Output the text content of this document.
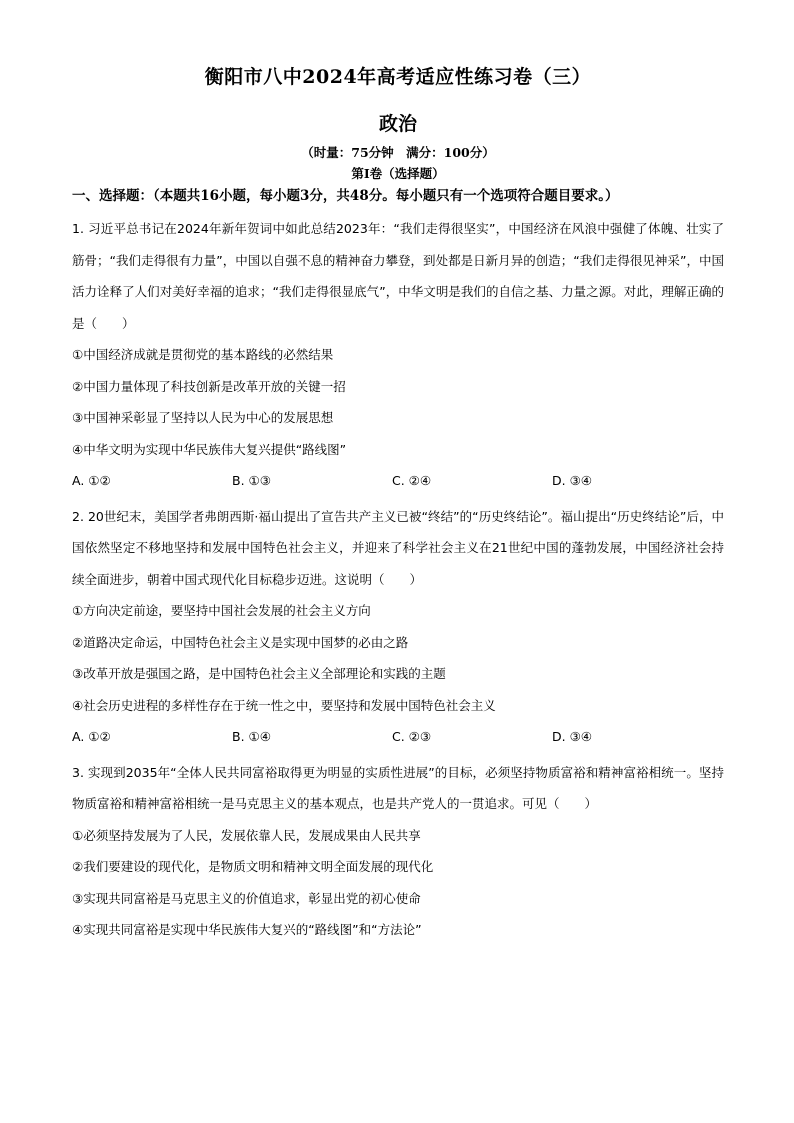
衡阳市八中2024年高考适应性练习卷（三）
政治
（时量：75分钟　满分：100分）
第Ⅰ卷（选择题）
一、选择题：（本题共16小题，每小题3分，共48分。每小题只有一个选项符合题目要求。）

1. 习近平总书记在2024年新年贺词中如此总结2023年：“我们走得很坚实”，中国经济在风浪中强健了体魄、壮实了筋骨；“我们走得很有力量”，中国以自强不息的精神奋力攀登，到处都是日新月异的创造；“我们走得很见神采”，中国活力诠释了人们对美好幸福的追求；“我们走得很显底气”，中华文明是我们的自信之基、力量之源。对此，理解正确的是（　　）

①中国经济成就是贯彻党的基本路线的必然结果

②中国力量体现了科技创新是改革开放的关键一招

③中国神采彰显了坚持以人民为中心的发展思想

④中华文明为实现中华民族伟大复兴提供“路线图”

A. ①②	B. ①③	C. ②④	D. ③④

2. 20世纪末，美国学者弗朗西斯·福山提出了宣告共产主义已被“终结”的“历史终结论”。福山提出“历史终结论”后，中国依然坚定不移地坚持和发展中国特色社会主义，并迎来了科学社会主义在21世纪中国的蓬勃发展，中国经济社会持续全面进步，朝着中国式现代化目标稳步迈进。这说明（　　）

①方向决定前途，要坚持中国社会发展的社会主义方向

②道路决定命运，中国特色社会主义是实现中国梦的必由之路

③改革开放是强国之路，是中国特色社会主义全部理论和实践的主题

④社会历史进程的多样性存在于统一性之中，要坚持和发展中国特色社会主义

A. ①②	B. ①④	C. ②③	D. ③④

3. 实现到2035年“全体人民共同富裕取得更为明显的实质性进展”的目标，必须坚持物质富裕和精神富裕相统一。坚持物质富裕和精神富裕相统一是马克思主义的基本观点，也是共产党人的一贯追求。可见（　　）

①必须坚持发展为了人民，发展依靠人民，发展成果由人民共享

②我们要建设的现代化，是物质文明和精神文明全面发展的现代化

③实现共同富裕是马克思主义的价值追求，彰显出党的初心使命

④实现共同富裕是实现中华民族伟大复兴的“路线图”和“方法论”
